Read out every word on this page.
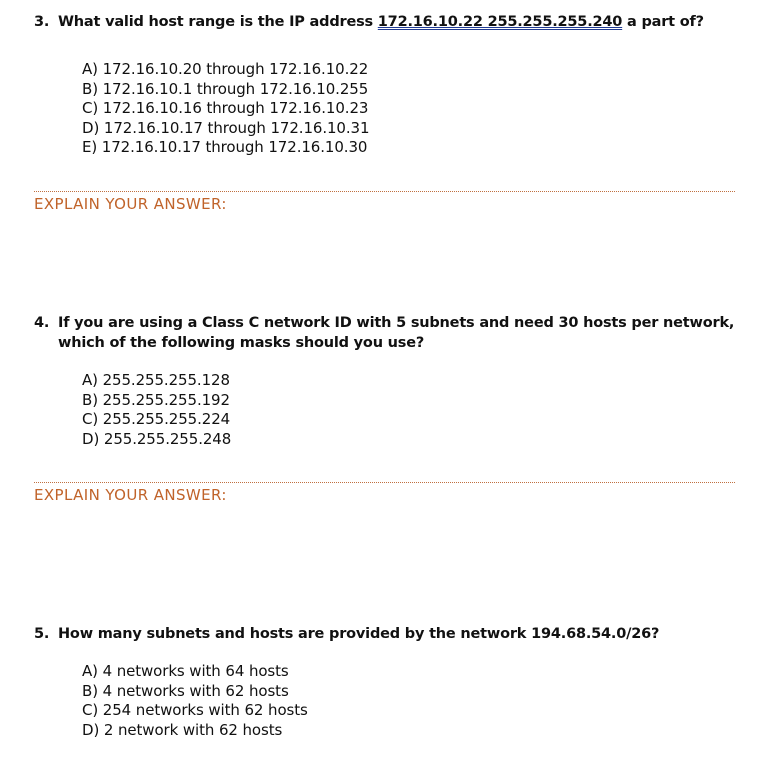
3. What valid host range is the IP address 172.16.10.22 255.255.255.240 a part of?
A) 172.16.10.20 through 172.16.10.22
B) 172.16.10.1 through 172.16.10.255
C) 172.16.10.16 through 172.16.10.23
D) 172.16.10.17 through 172.16.10.31
E) 172.16.10.17 through 172.16.10.30
EXPLAIN YOUR ANSWER:
4. If you are using a Class C network ID with 5 subnets and need 30 hosts per network,
which of the following masks should you use?
A) 255.255.255.128
B) 255.255.255.192
C) 255.255.255.224
D) 255.255.255.248
EXPLAIN YOUR ANSWER:
5. How many subnets and hosts are provided by the network 194.68.54.0/26?
A) 4 networks with 64 hosts
B) 4 networks with 62 hosts
C) 254 networks with 62 hosts
D) 2 network with 62 hosts
